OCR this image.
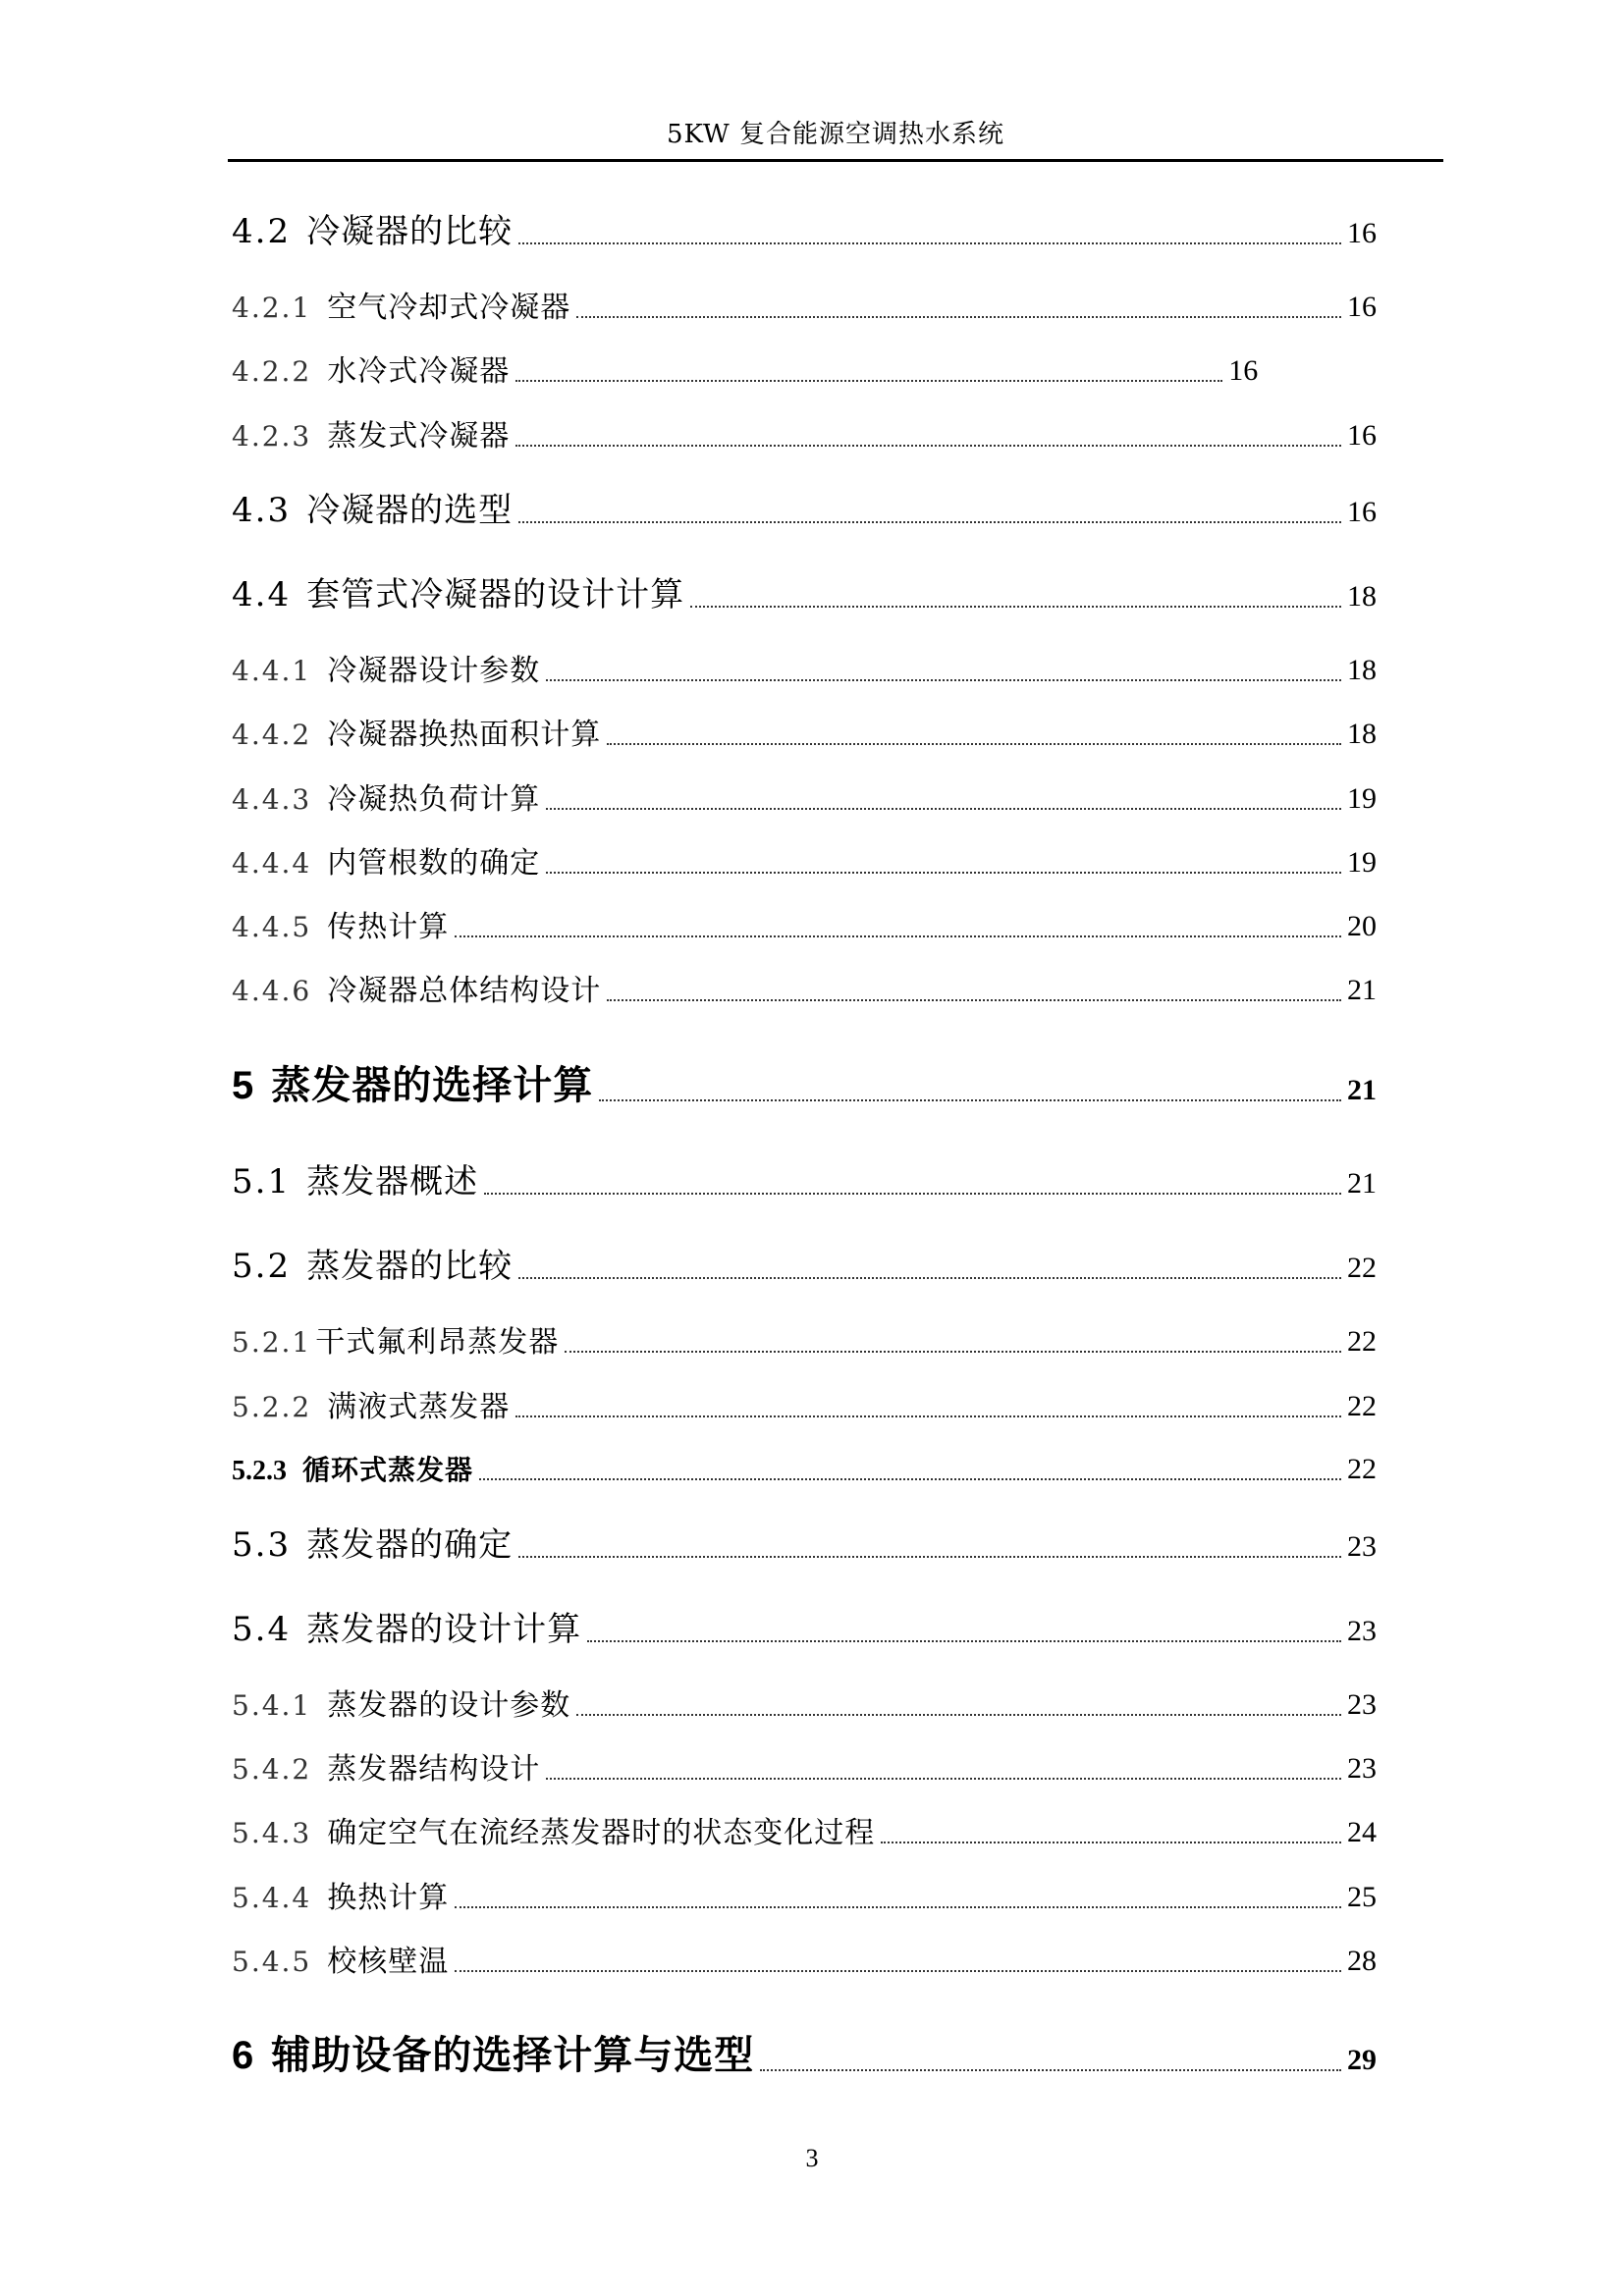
5KW 复合能源空调热水系统
4.2 冷凝器的比较	16
4.2.1 空气冷却式冷凝器	16
4.2.2 水冷式冷凝器	16
4.2.3 蒸发式冷凝器	16
4.3 冷凝器的选型	16
4.4 套管式冷凝器的设计计算	18
4.4.1 冷凝器设计参数	18
4.4.2 冷凝器换热面积计算	18
4.4.3 冷凝热负荷计算	19
4.4.4 内管根数的确定	19
4.4.5 传热计算	20
4.4.6 冷凝器总体结构设计	21
5 蒸发器的选择计算	21
5.1 蒸发器概述	21
5.2 蒸发器的比较	22
5.2.1 干式氟利昂蒸发器	22
5.2.2 满液式蒸发器	22
5.2.3 循环式蒸发器	22
5.3 蒸发器的确定	23
5.4 蒸发器的设计计算	23
5.4.1 蒸发器的设计参数	23
5.4.2 蒸发器结构设计	23
5.4.3 确定空气在流经蒸发器时的状态变化过程	24
5.4.4 换热计算	25
5.4.5 校核壁温	28
6 辅助设备的选择计算与选型	29
3
